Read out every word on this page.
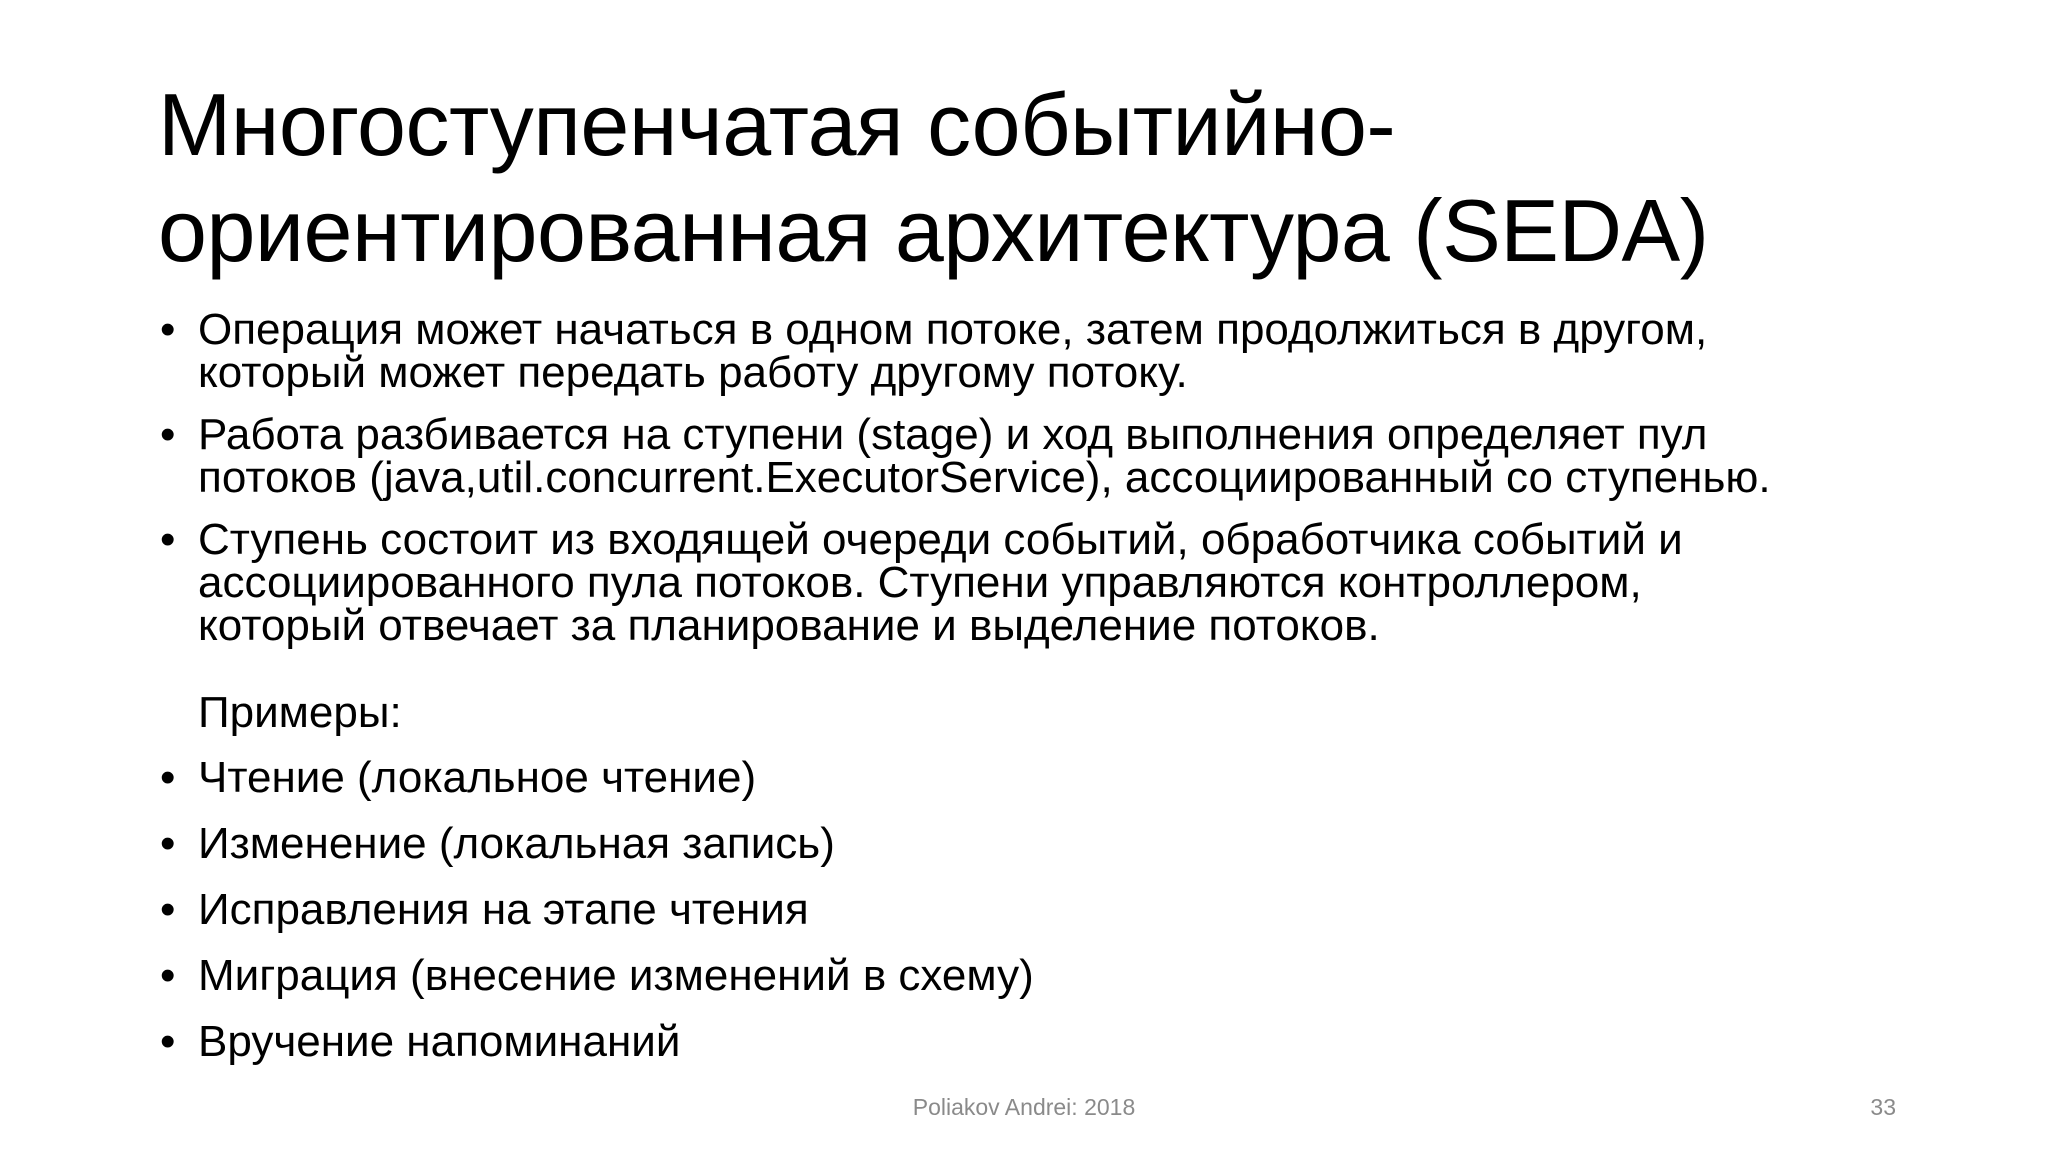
Многоступенчатая событийно-
ориентированная архитектура (SEDA)
• Операция может начаться в одном потоке, затем продолжиться в другом,
который может передать работу другому потоку.
• Работа разбивается на ступени (stage) и ход выполнения определяет пул
потоков (java,util.concurrent.ExecutorService), ассоциированный со ступенью.
• Ступень состоит из входящей очереди событий, обработчика событий и
ассоциированного пула потоков. Ступени управляются контроллером,
который отвечает за планирование и выделение потоков.
Примеры:
• Чтение (локальное чтение)
• Изменение (локальная запись)
• Исправления на этапе чтения
• Миграция (внесение изменений в схему)
• Вручение напоминаний
Poliakov Andrei: 2018	33
